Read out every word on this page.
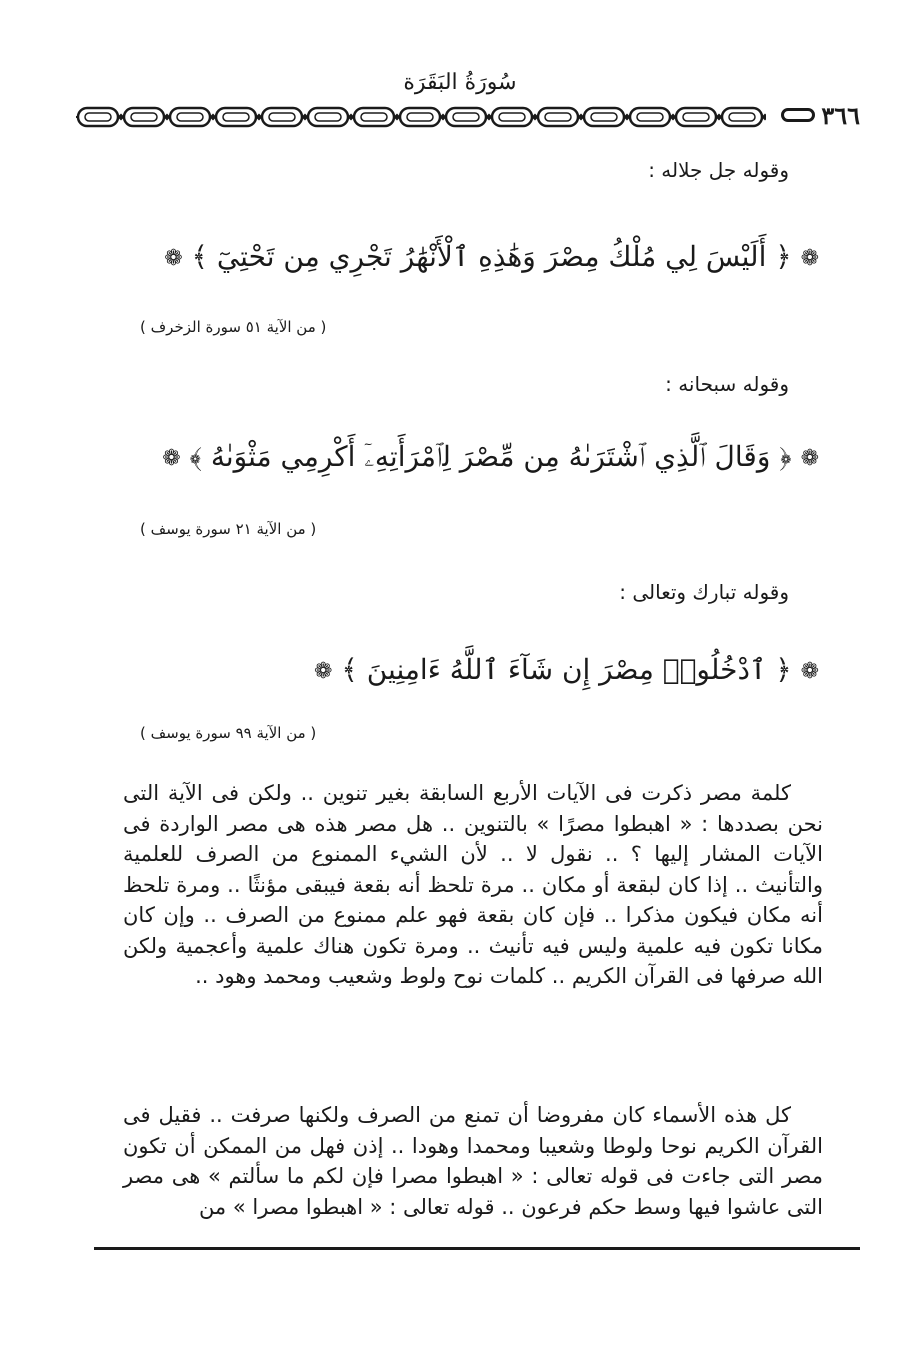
سُورَةُ البَقَرَة
٣٦٦
وقوله جل جلاله :
❁ ﴿ أَلَيْسَ لِي مُلْكُ مِصْرَ وَهَٰذِهِ ٱلْأَنْهَٰرُ تَجْرِي مِن تَحْتِيٓ ﴾ ❁
( من الآية ٥١ سورة الزخرف )
وقوله سبحانه :
❁ ﴿ وَقَالَ ٱلَّذِي ٱشْتَرَىٰهُ مِن مِّصْرَ لِٱمْرَأَتِهِۦٓ أَكْرِمِي مَثْوَىٰهُ ﴾ ❁
( من الآية ٢١ سورة يوسف )
وقوله تبارك وتعالى :
❁ ﴿ ٱدْخُلُوا۟ مِصْرَ إِن شَآءَ ٱللَّهُ ءَامِنِينَ ﴾ ❁
( من الآية ٩٩ سورة يوسف )

كلمة مصر ذكرت فى الآيات الأربع السابقة بغير تنوين .. ولكن فى الآية التى نحن بصددها : « اهبطوا مصرًا » بالتنوين .. هل مصر هذه هى مصر الواردة فى الآيات المشار إليها ؟ .. نقول لا .. لأن الشيء الممنوع من الصرف للعلمية والتأنيث .. إذا كان لبقعة أو مكان .. مرة تلحظ أنه بقعة فيبقى مؤنثًا .. ومرة تلحظ أنه مكان فيكون مذكرا .. فإن كان بقعة فهو علم ممنوع من الصرف .. وإن كان مكانا تكون فيه علمية وليس فيه تأنيث .. ومرة تكون هناك علمية وأعجمية ولكن الله صرفها فى القرآن الكريم .. كلمات نوح ولوط وشعيب ومحمد وهود ..

كل هذه الأسماء كان مفروضا أن تمنع من الصرف ولكنها صرفت .. فقيل فى القرآن الكريم نوحا ولوطا وشعيبا ومحمدا وهودا .. إذن فهل من الممكن أن تكون مصر التى جاءت فى قوله تعالى : « اهبطوا مصرا فإن لكم ما سألتم » هى مصر التى عاشوا فيها وسط حكم فرعون .. قوله تعالى : « اهبطوا مصرا » من
